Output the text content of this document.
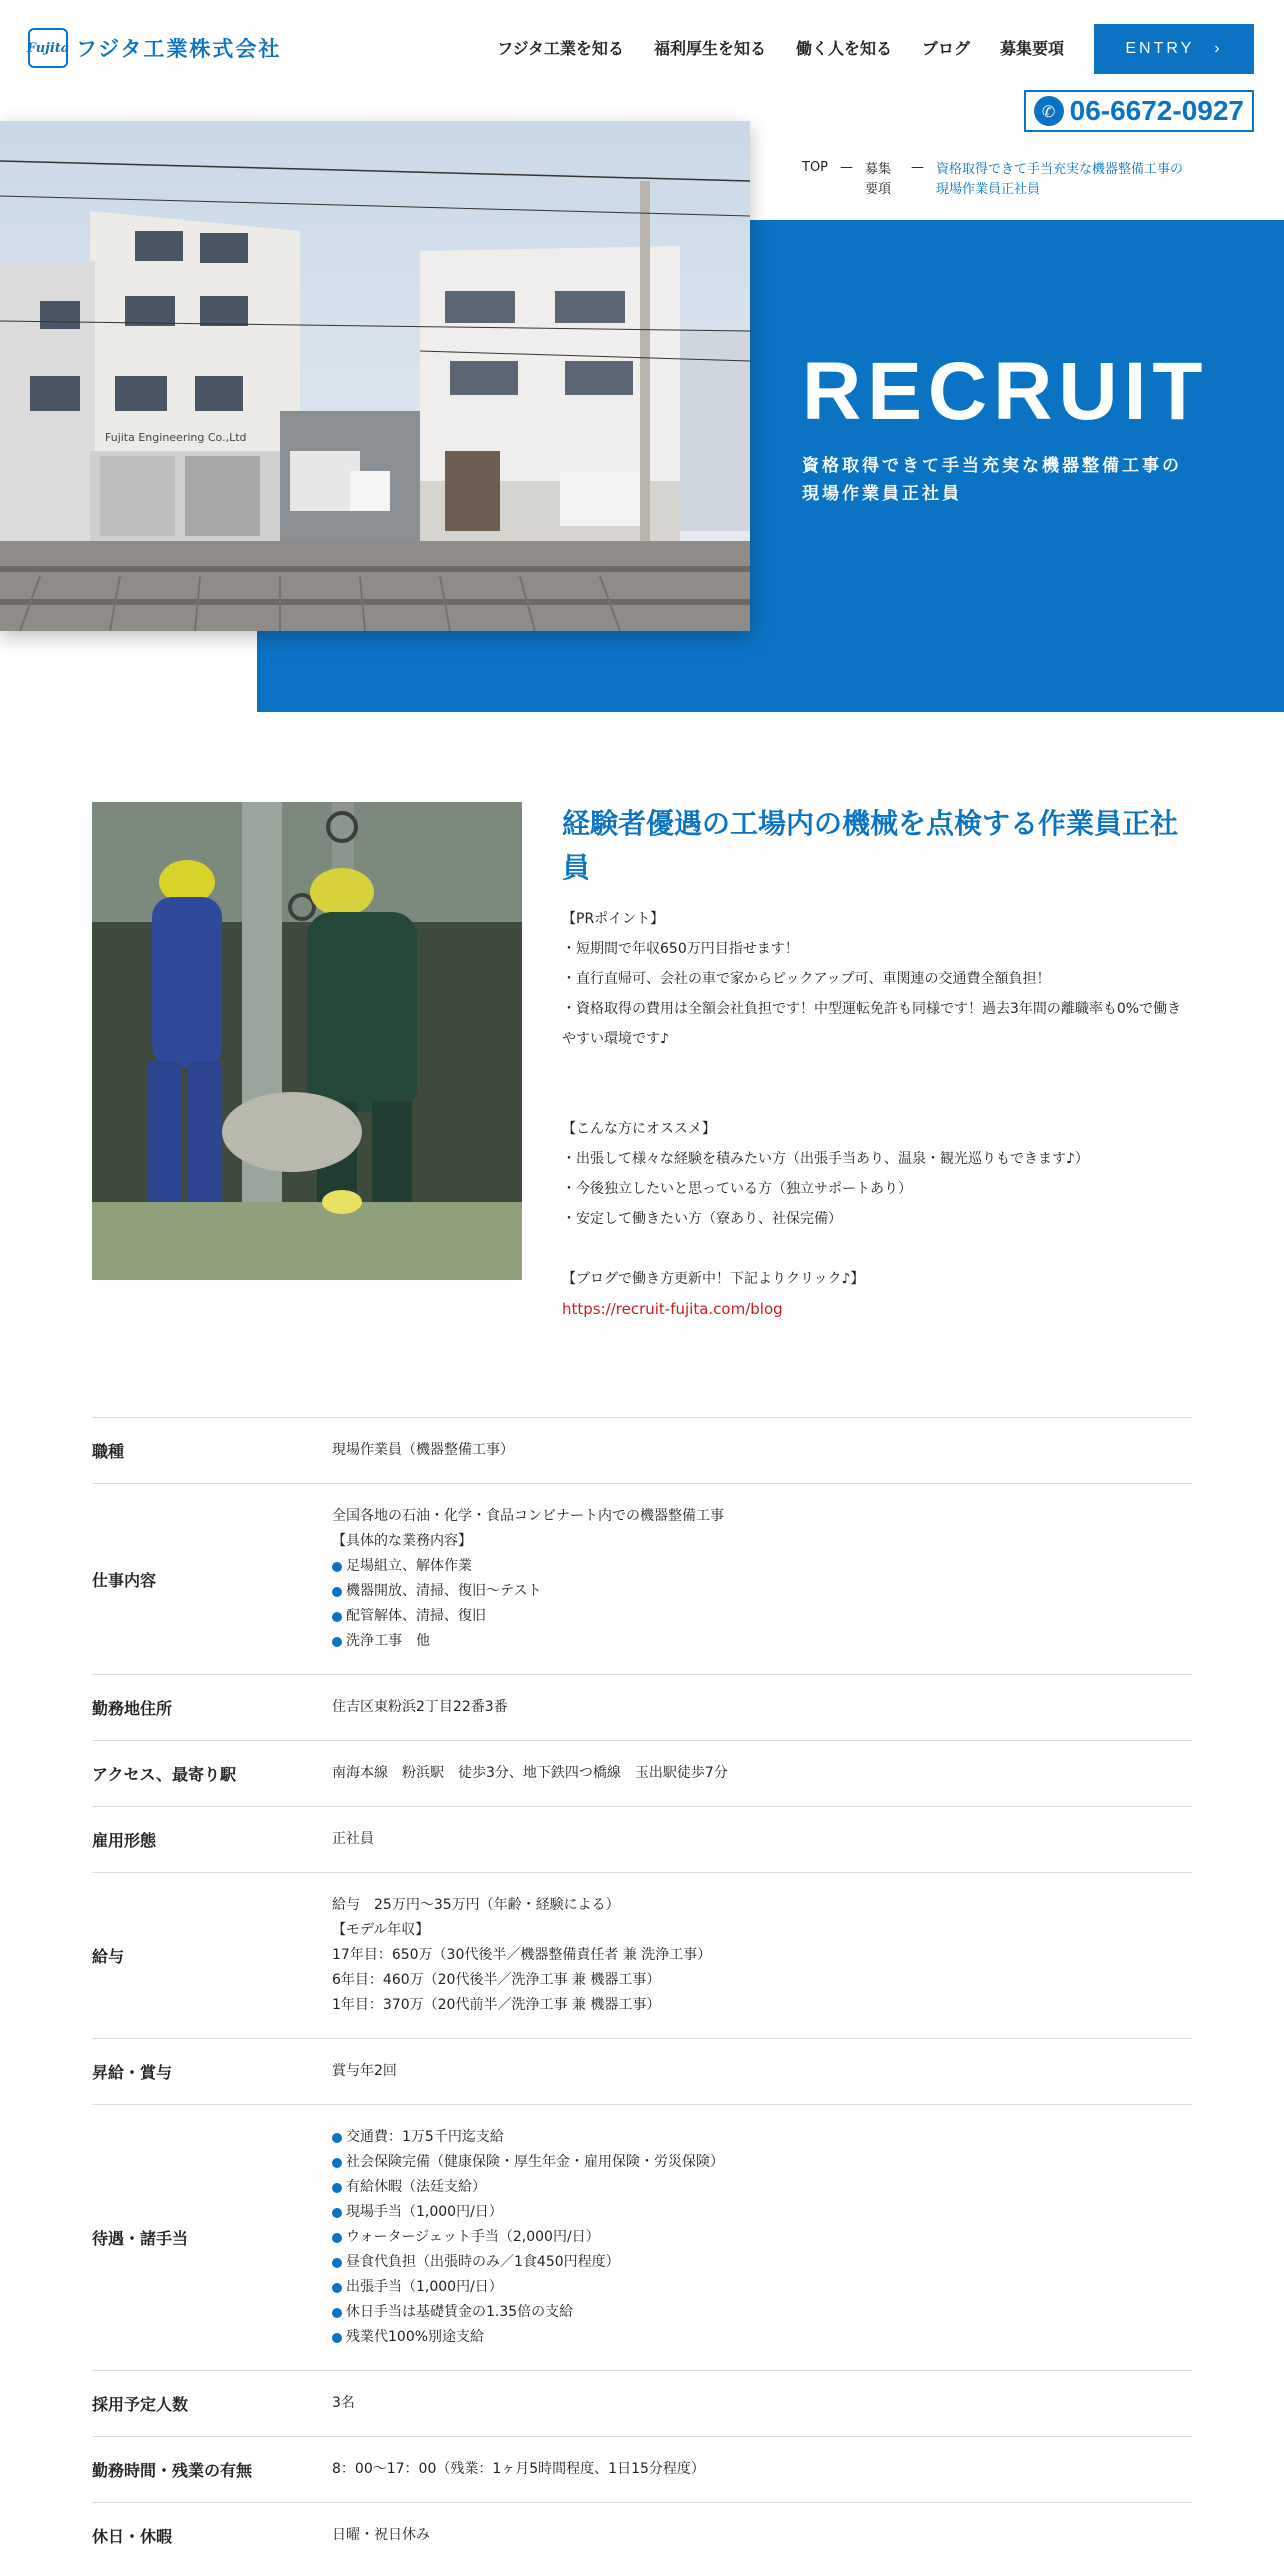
Fujita フジタ工業株式会社	フジタ工業を知る 福利厚生を知る 働く人を知る ブログ 募集要項	ENTRY ›
✆ 06-6672-0927
Fujita Engineering Co.,Ltd
TOP — 募集要項
— 資格取得できて手当充実な機器整備工事の現場作業員正社員
RECRUIT
資格取得できて手当充実な機器整備工事の現場作業員正社員
経験者優遇の工場内の機械を点検する作業員正社員
【PRポイント】
・短期間で年収650万円目指せます！
・直行直帰可、会社の車で家からピックアップ可、車関連の交通費全額負担！
・資格取得の費用は全額会社負担です！中型運転免許も同様です！過去3年間の離職率も0%で働きやすい環境です♪
【こんな方にオススメ】
・出張して様々な経験を積みたい方（出張手当あり、温泉・観光巡りもできます♪）
・今後独立したいと思っている方（独立サポートあり）
・安定して働きたい方（寮あり、社保完備）
【ブログで働き方更新中！下記よりクリック♪】
https://recruit-fujita.com/blog
職種	現場作業員（機器整備工事）
仕事内容
全国各地の石油・化学・食品コンビナート内での機器整備工事
【具体的な業務内容】
足場組立、解体作業
機器開放、清掃、復旧～テスト
配管解体、清掃、復旧
洗浄工事　他
勤務地住所	住吉区東粉浜2丁目22番3番
アクセス、最寄り駅	南海本線　粉浜駅　徒歩3分、地下鉄四つ橋線　玉出駅徒歩7分
雇用形態	正社員
給与
給与　25万円～35万円（年齢・経験による）
【モデル年収】
17年目：650万（30代後半／機器整備責任者 兼 洗浄工事）
6年目：460万（20代後半／洗浄工事 兼 機器工事）
1年目：370万（20代前半／洗浄工事 兼 機器工事）
昇給・賞与	賞与年2回
待遇・諸手当
交通費：1万5千円迄支給
社会保険完備（健康保険・厚生年金・雇用保険・労災保険）
有給休暇（法廷支給）
現場手当（1,000円/日）
ウォータージェット手当（2,000円/日）
昼食代負担（出張時のみ／1食450円程度）
出張手当（1,000円/日）
休日手当は基礎賃金の1.35倍の支給
残業代100%別途支給
採用予定人数	3名
勤務時間・残業の有無	8：00～17：00（残業：1ヶ月5時間程度、1日15分程度）
休日・休暇	日曜・祝日休み
